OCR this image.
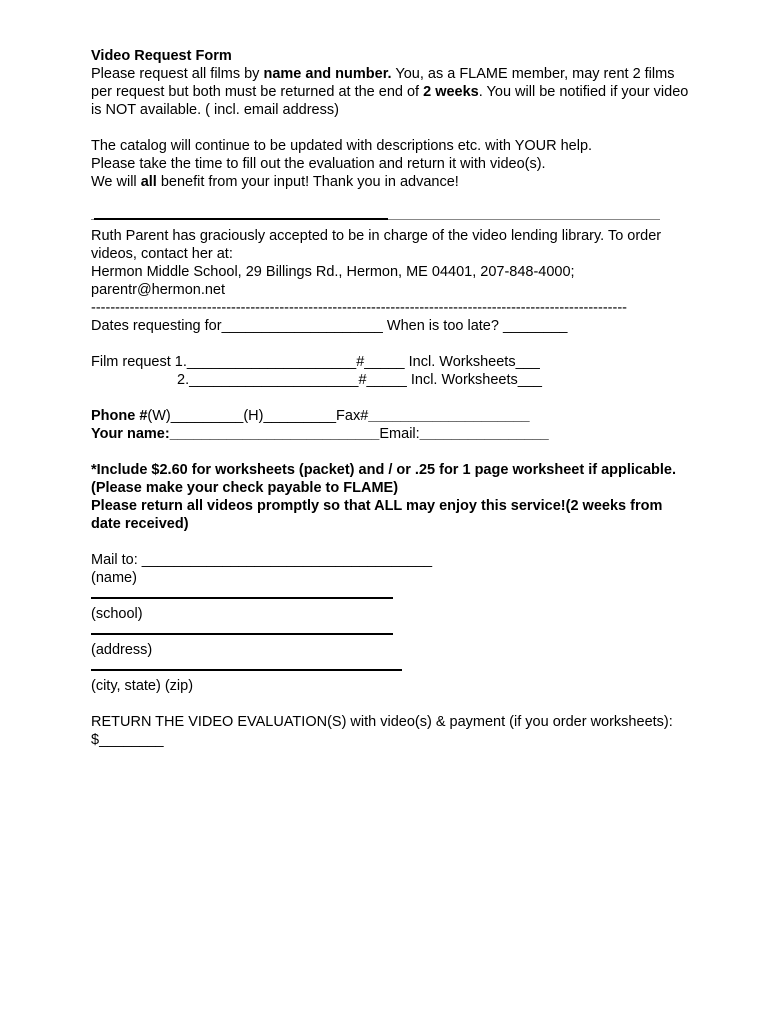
Video Request Form

Please request all films by name and number. You, as a FLAME member, may rent 2 films per request but both must be returned at the end of 2 weeks. You will be notified if your video is NOT available. ( incl. email address)

The catalog will continue to be updated with descriptions etc. with YOUR help.

Please take the time to fill out the evaluation and return it with video(s).

We will all benefit from your input! Thank you in advance!

Ruth Parent has graciously accepted to be in charge of the video lending library. To order videos, contact her at:

Hermon Middle School, 29 Billings Rd., Hermon, ME 04401, 207-848-4000;

parentr@hermon.net

---------------------------------------------------------------------------------------------------------------

Dates requesting for____________________ When is too late? ________

Film request 1._____________________#_____ Incl. Worksheets___

2._____________________#_____ Incl. Worksheets___

Phone #(W)_________(H)_________Fax#____________________

Your name:__________________________Email:________________

*Include $2.60 for worksheets (packet) and / or .25 for 1 page worksheet if applicable. (Please make your check payable to FLAME)

Please return all videos promptly so that ALL may enjoy this service!(2 weeks from date received)

Mail to: ____________________________________

(name)

(school)

(address)

(city, state) (zip)

RETURN THE VIDEO EVALUATION(S) with video(s) & payment (if you order worksheets): $________
